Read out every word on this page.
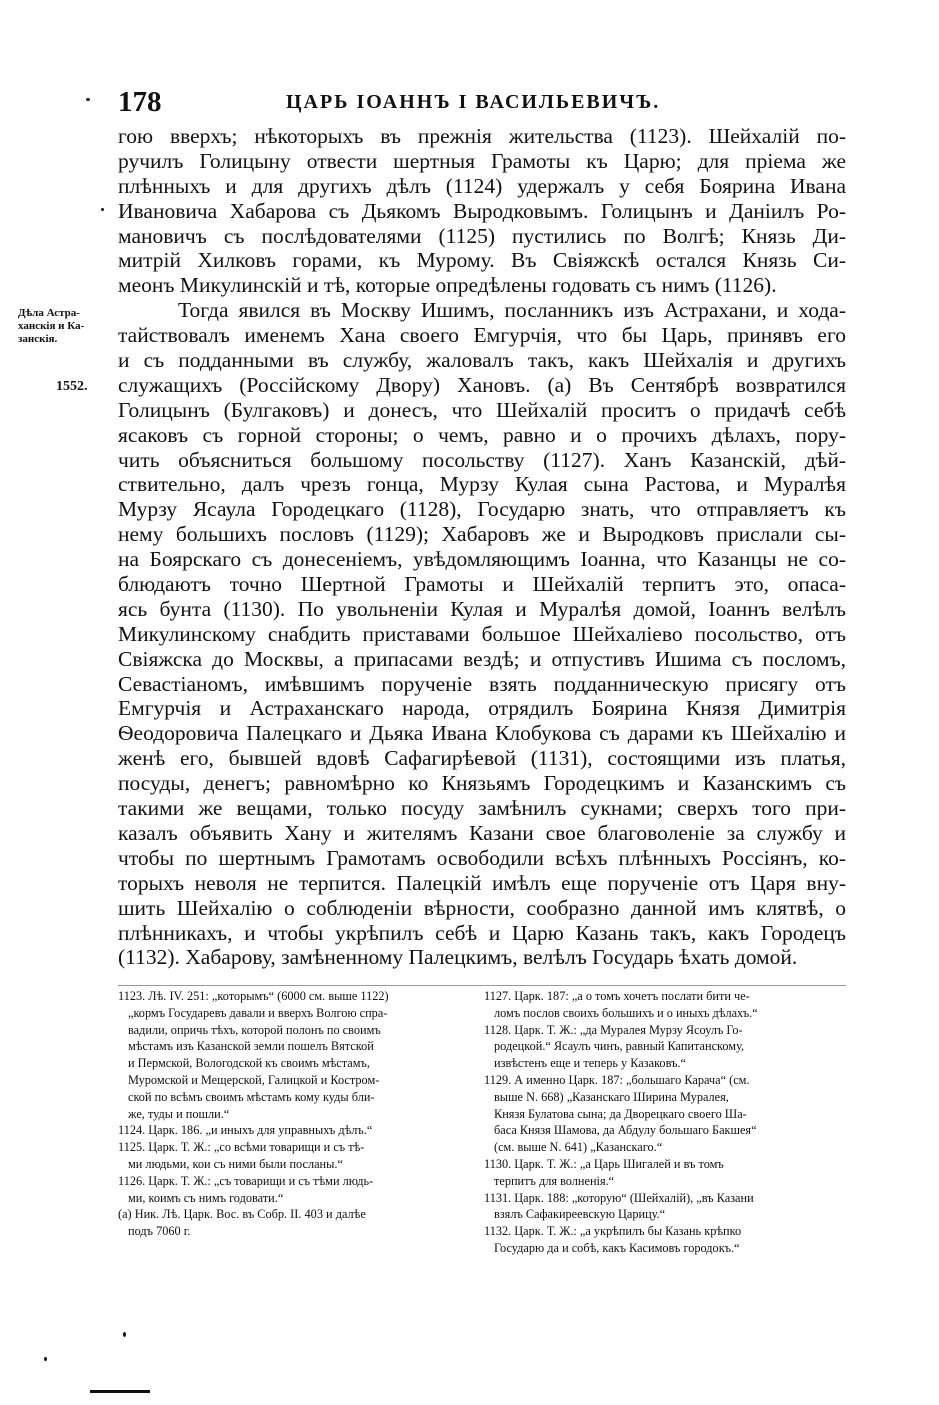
178	ЦАРЬ IОАННЪ I ВАСИЛЬЕВИЧЪ.
Дѣла Астра-ханскія и Ка-занскія.
1552.
гою вверхъ; нѣкоторыхъ въ прежнія жительства (1123). Шейхалій по-
ручилъ Голицыну отвести шертныя Грамоты къ Царю; для пріема же
плѣнныхъ и для другихъ дѣлъ (1124) удержалъ у себя Боярина Ивана
Ивановича Хабарова съ Дьякомъ Выродковымъ. Голицынъ и Даніилъ Ро-
мановичъ съ послѣдователями (1125) пустились по Волгѣ; Князь Ди-
митрій Хилковъ горами, къ Мурому. Въ Свіяжскѣ остался Князь Си-
меонъ Микулинскій и тѣ, которые опредѣлены годовать съ нимъ (1126).
Тогда явился въ Москву Ишимъ, посланникъ изъ Астрахани, и хода-
тайствовалъ именемъ Хана своего Емгурчія, что бы Царь, принявъ его
и съ подданными въ службу, жаловалъ такъ, какъ Шейхалія и другихъ
служащихъ (Россійскому Двору) Хановъ. (а) Въ Сентябрѣ возвратился
Голицынъ (Булгаковъ) и донесъ, что Шейхалій проситъ о придачѣ себѣ
ясаковъ съ горной стороны; о чемъ, равно и о прочихъ дѣлахъ, пору-
чить объясниться большому посольству (1127). Ханъ Казанскій, дѣй-
ствительно, далъ чрезъ гонца, Мурзу Кулая сына Растова, и Муралѣя
Мурзу Ясаула Городецкаго (1128), Государю знать, что отправляетъ къ
нему большихъ пословъ (1129); Хабаровъ же и Выродковъ прислали сы-
на Боярскаго съ донесеніемъ, увѣдомляющимъ Іоанна, что Казанцы не со-
блюдаютъ точно Шертной Грамоты и Шейхалій терпитъ это, опаса-
ясь бунта (1130). По увольненіи Кулая и Муралѣя домой, Іоаннъ велѣлъ
Микулинскому снабдить приставами большое Шейхаліево посольство, отъ
Свіяжска до Москвы, а припасами вездѣ; и отпустивъ Ишима съ посломъ,
Севастіаномъ, имѣвшимъ порученіе взять подданническую присягу отъ
Емгурчія и Астраханскаго народа, отрядилъ Боярина Князя Димитрія
Ѳеодоровича Палецкаго и Дьяка Ивана Клобукова съ дарами къ Шейхалію и
женѣ его, бывшей вдовѣ Сафагирѣевой (1131), состоящими изъ платья,
посуды, денегъ; равномѣрно ко Князьямъ Городецкимъ и Казанскимъ съ
такими же вещами, только посуду замѣнилъ сукнами; сверхъ того при-
казалъ объявить Хану и жителямъ Казани свое благоволеніе за службу и
чтобы по шертнымъ Грамотамъ освободили всѣхъ плѣнныхъ Россіянъ, ко-
торыхъ неволя не терпится. Палецкій имѣлъ еще порученіе отъ Царя вну-
шить Шейхалію о соблюденіи вѣрности, сообразно данной имъ клятвѣ, о
плѣнникахъ, и чтобы укрѣпилъ себѣ и Царю Казань такъ, какъ Городецъ
(1132). Хабарову, замѣненному Палецкимъ, велѣлъ Государь ѣхать домой.
1123. Лѣ. IV. 251: „которымъ“ (6000 см. выше 1122)
„кормъ Государевъ давали и вверхъ Волгою спра-
вадили, опричь тѣхъ, которой полонъ по своимъ
мѣстамъ изъ Казанской земли пошелъ Вятской
и Пермской, Вологодской къ своимъ мѣстамъ,
Муромской и Мещерской, Галицкой и Костром-
ской по всѣмъ своимъ мѣстамъ кому куды бли-
же, туды и пошли.“
1124. Царк. 186. „и иныхъ для управныхъ дѣлъ.“
1125. Царк. Т. Ж.: „со всѣми товарищи и съ тѣ-
ми людьми, кои съ ними были посланы.“
1126. Царк. Т. Ж.: „съ товарищи и съ тѣми людь-
ми, коимъ съ нимъ годовати.“
(а) Ник. Лѣ. Царк. Вос. въ Собр. II. 403 и далѣе
подъ 7060 г.
1127. Царк. 187: „а о томъ хочетъ послати бити че-
ломъ послов своихъ большихъ и о иныхъ дѣлахъ.“
1128. Царк. Т. Ж.: „да Муралея Мурзу Ясоулъ Го-
родецкой.“ Ясаулъ чинъ, равный Капитанскому,
извѣстенъ еще и теперь у Казаковъ.“
1129. А именно Царк. 187: „большаго Карача“ (см.
выше N. 668) „Казанскаго Ширина Муралея,
Князя Булатова сына; да Дворецкаго своего Ша-
баса Князя Шамова, да Абдулу большаго Бакшея“
(см. выше N. 641) „Казанскаго.“
1130. Царк. Т. Ж.: „а Царь Шигалей и въ томъ
терпитъ для волненія.“
1131. Царк. 188: „которую“ (Шейхалій), „въ Казани
взялъ Сафакиреевскую Царицу.“
1132. Царк. Т. Ж.: „а укрѣпилъ бы Казань крѣпко
Государю да и собѣ, какъ Касимовъ городокъ.“
